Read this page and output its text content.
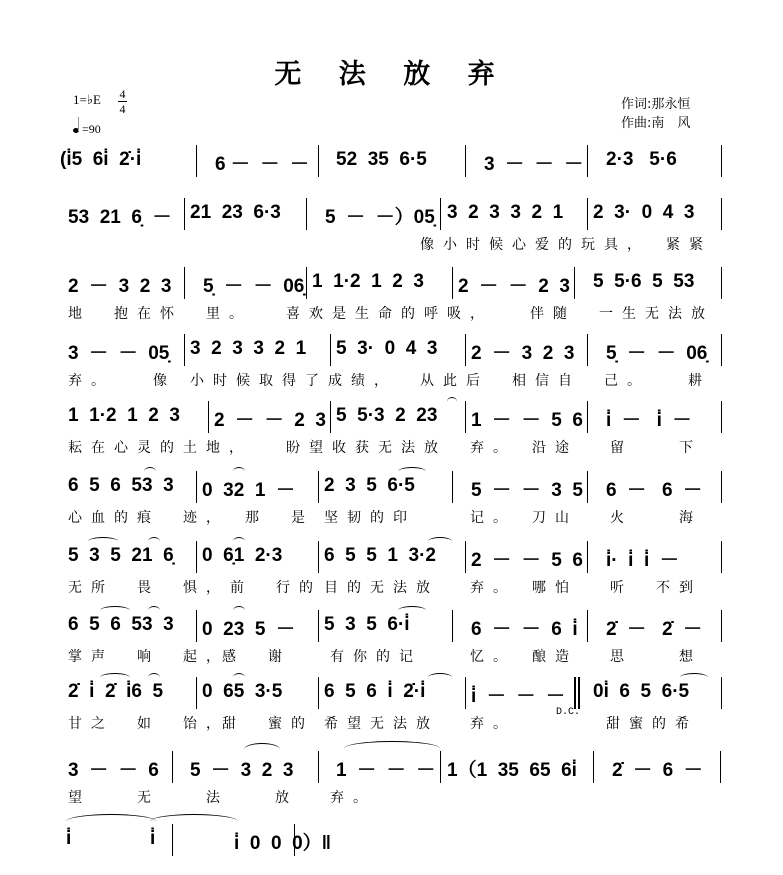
无 法 放 弃
1=♭E 4
4
=90
作词:那永恒
作曲:南　风
(i̇5  6i̇  2̇·i̇	6 －  －  － 52  35  6·5	3  －  －  － 2·3   5·6
53  21  6̣  － 21  23  6·3 5  －  －）05̣ 3  2  3  3  2  1 2  3·  0  4  3
像小时候心爱的玩具，　紧紧
2  －  3  2  3 5̣  －  －  06̣ 1  1·2  1  2  3 2  －  －  2  3 5  5·6  5  53
地　抱在怀　里。 喜欢是生命的呼吸，	伴随　一生无法放
3  －  －  05̣ 3  2  3  3  2  1 5  3·  0  4  3 2  －  3  2  3 5̣  －  －  06̣
弃。　　像 小时候取得了成绩， 从此后　相信自　己。	耕
1  1·2  1  2  3 2  －  －  2  3 5  5·3  2  23 1  －  －  5  6 i̇  －   i̇  －
耘在心灵的土地， 盼望收获无法放 弃。　沿途 留　　下
6  5  6  53  3 0  32  1  － 2  3  5  6·5	5  －  －  3  5 6  －   6  －
心血的痕　迹，　那　是 坚韧的印	记。　刀山 火　　海
5  3  5  21  6̣ 0  6̣1  2·3 6  5  5  1  3·2 2  －  －  5  6 i̇·  i̇  i̇  －
无所　畏　惧， 前　行的 目的无法放 弃。　哪怕 听　不到
6  5  6  53  3 0  23  5  － 5  3  5  6·i̇	6  －  －  6  i̇ 2̇  －   2̇  －
掌声　响　起，
感　谢	有你的记	忆。　酿造 思　　想
2̇  i̇  2̇  i̇6  5 0  65  3·5 6  5  6  i̇  2̇·i̇ i̇  －  －  － 0i̇  6  5  6·5
甘之　如　饴，
甜　蜜的 希望无法放 弃。
D.C.
甜蜜的希
3  －  －  6 5  －  3  2  3 1  －  －  － 1（1  35  65  6i̇ 2̇  －  6  －
望　　无　　法　　放 弃。
i̇	i̇	i̇  0  0  0）‖
